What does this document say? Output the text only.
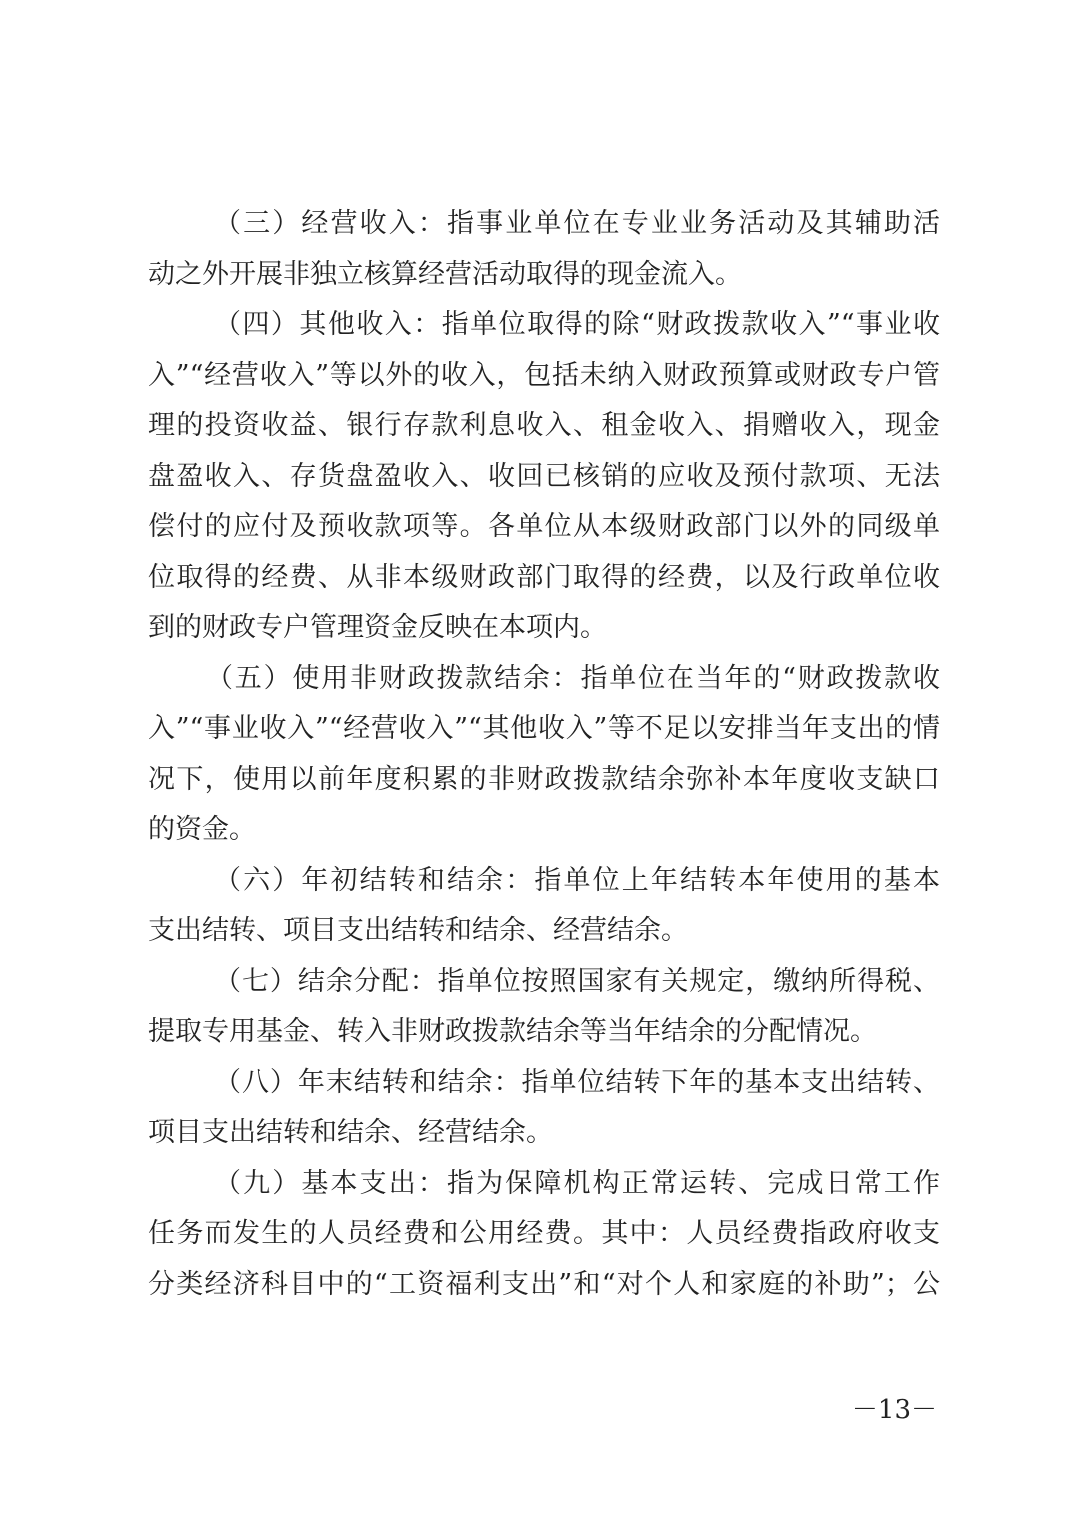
（三）经营收入：指事业单位在专业业务活动及其辅助活
动之外开展非独立核算经营活动取得的现金流入。
（四）其他收入：指单位取得的除“财政拨款收入”“事业收
入”“经营收入”等以外的收入，包括未纳入财政预算或财政专户管
理的投资收益、银行存款利息收入、租金收入、捐赠收入，现金
盘盈收入、存货盘盈收入、收回已核销的应收及预付款项、无法
偿付的应付及预收款项等。各单位从本级财政部门以外的同级单
位取得的经费、从非本级财政部门取得的经费，以及行政单位收
到的财政专户管理资金反映在本项内。
（五）使用非财政拨款结余：指单位在当年的“财政拨款收
入”“事业收入”“经营收入”“其他收入”等不足以安排当年支出的情
况下，使用以前年度积累的非财政拨款结余弥补本年度收支缺口
的资金。
（六）年初结转和结余：指单位上年结转本年使用的基本
支出结转、项目支出结转和结余、经营结余。
（七）结余分配：指单位按照国家有关规定，缴纳所得税、
提取专用基金、转入非财政拨款结余等当年结余的分配情况。
（八）年末结转和结余：指单位结转下年的基本支出结转、
项目支出结转和结余、经营结余。
（九）基本支出：指为保障机构正常运转、完成日常工作
任务而发生的人员经费和公用经费。其中：人员经费指政府收支
分类经济科目中的“工资福利支出”和“对个人和家庭的补助”；公
－13－
